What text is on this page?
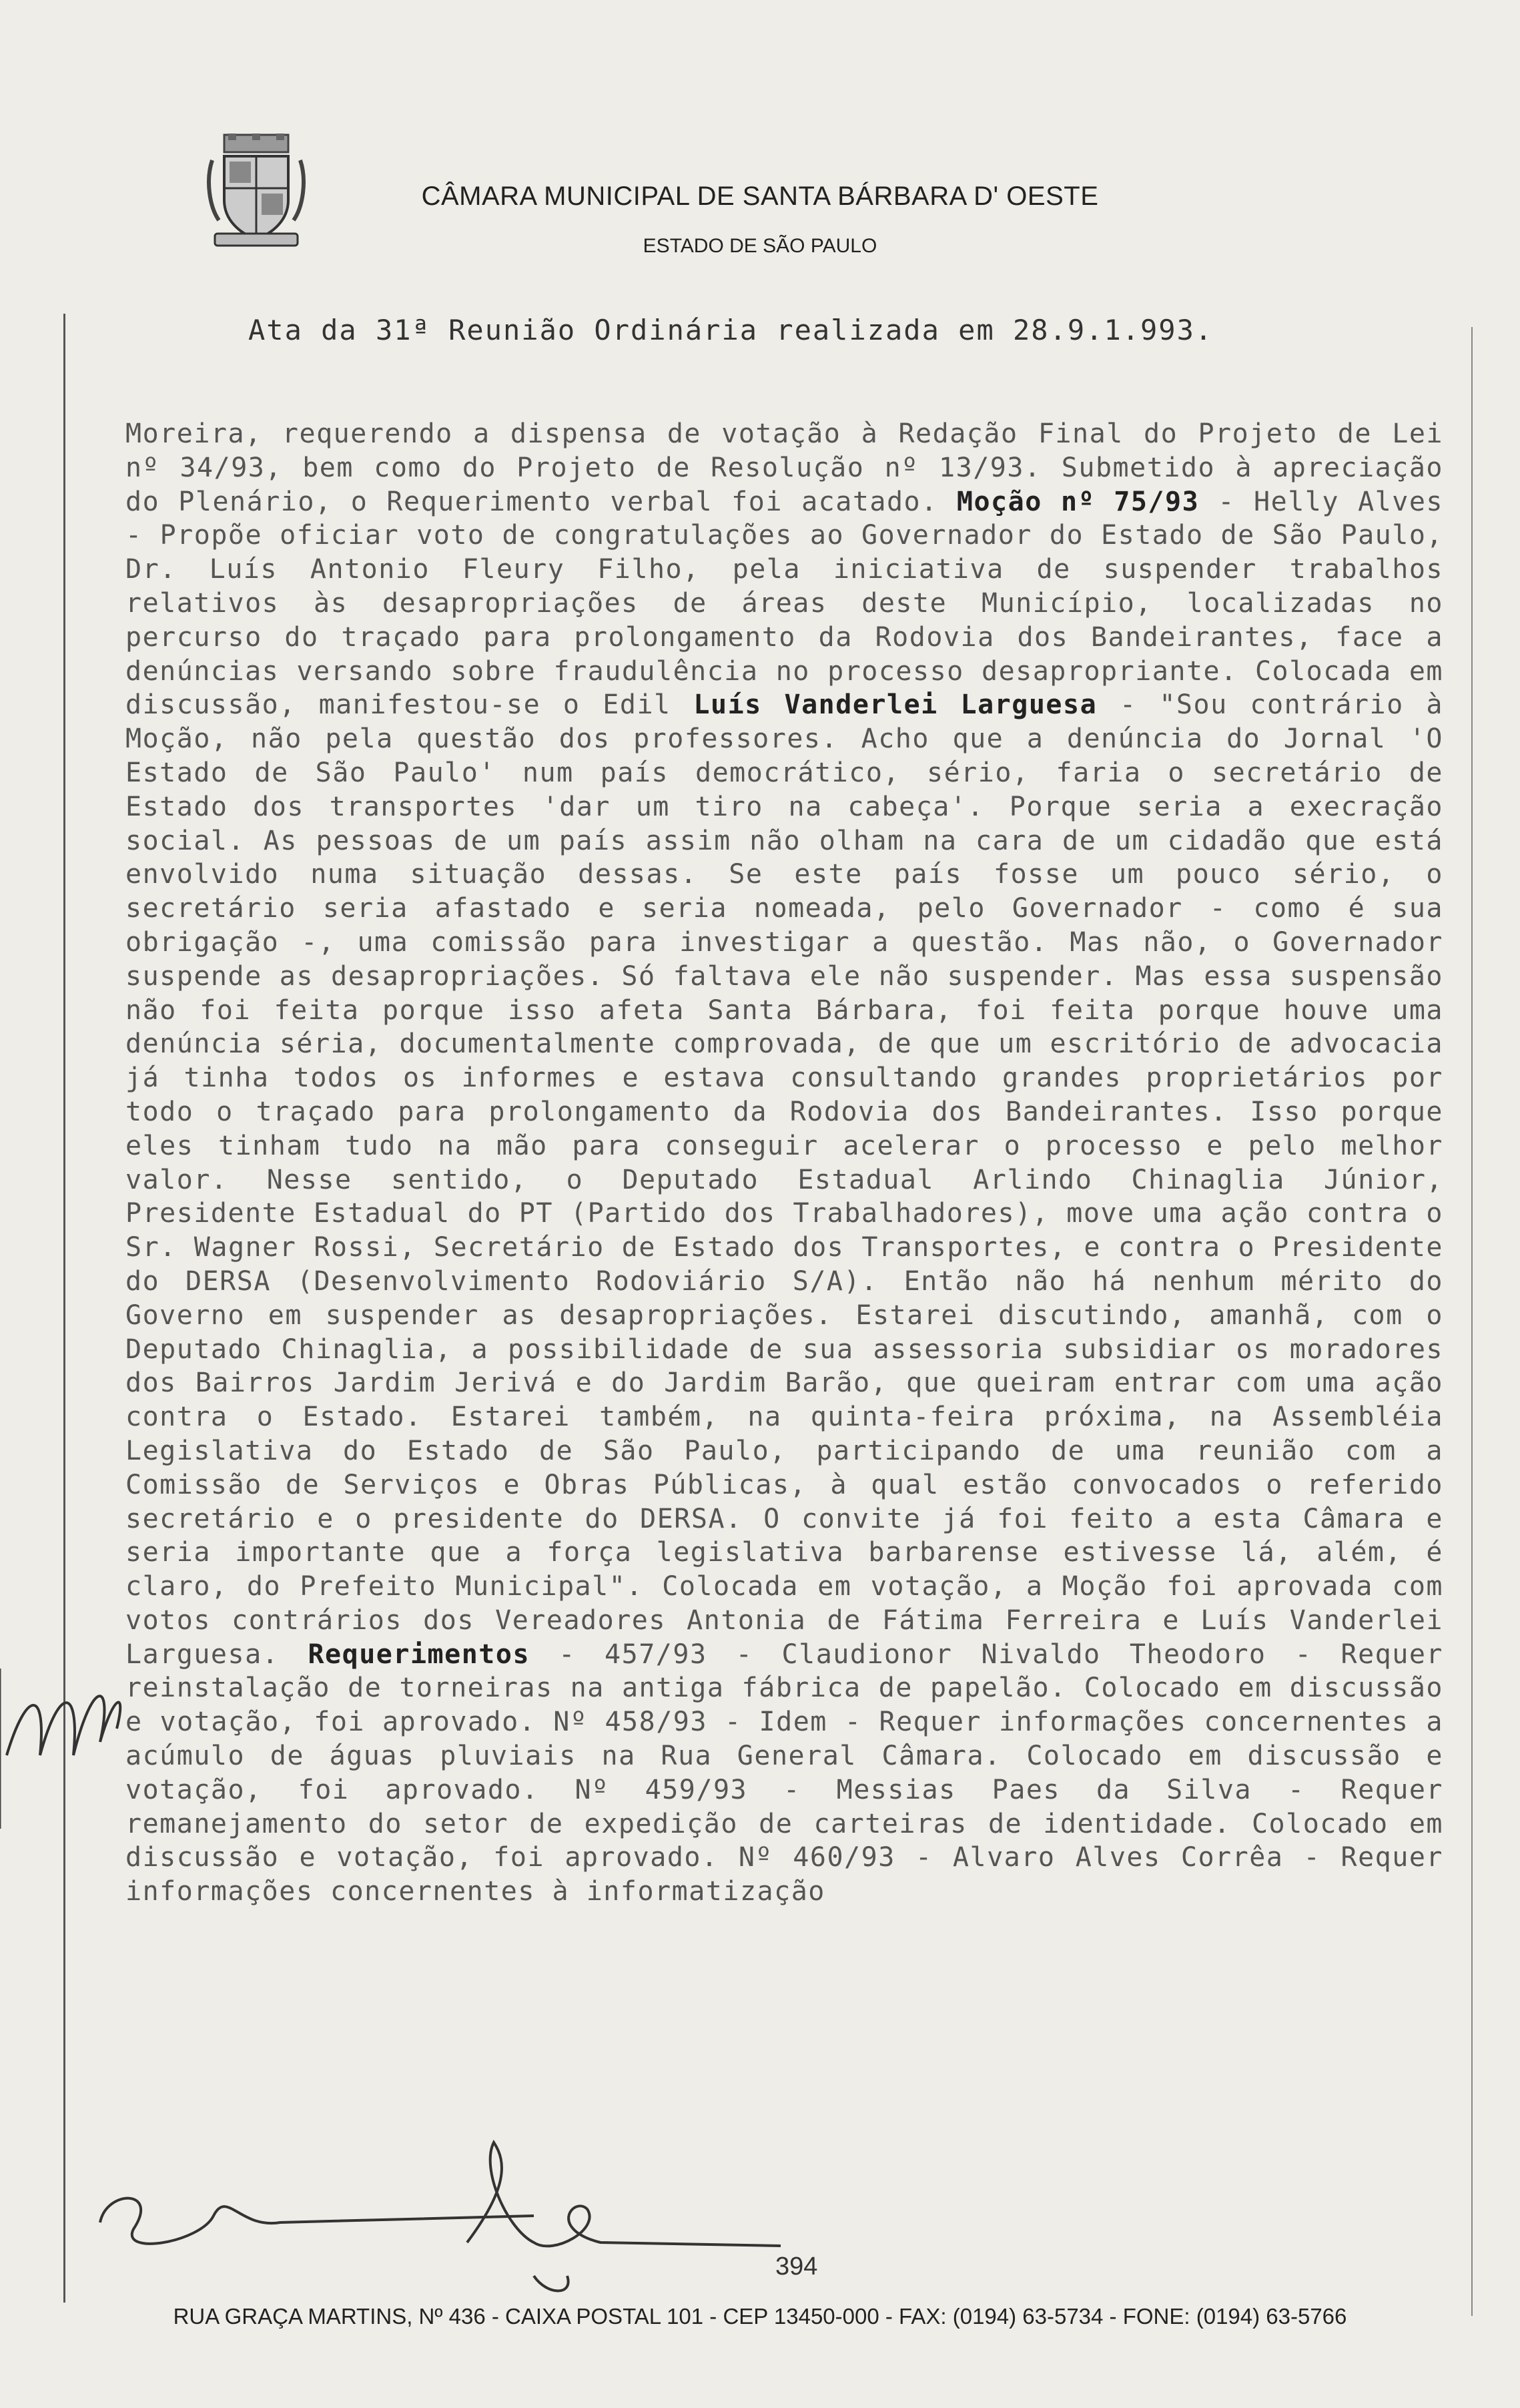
CÂMARA MUNICIPAL DE SANTA BÁRBARA D' OESTE
ESTADO DE SÃO PAULO
Ata da 31ª Reunião Ordinária realizada em 28.9.1.993.
Moreira, requerendo a dispensa de votação à Redação Final do Projeto de Lei nº 34/93, bem como do Projeto de Resolução nº 13/93. Submetido à apreciação do Plenário, o Requerimento verbal foi acatado. Moção nº 75/93 - Helly Alves - Propõe oficiar voto de congratulações ao Governador do Estado de São Paulo, Dr. Luís Antonio Fleury Filho, pela iniciativa de suspender trabalhos relativos às desapropriações de áreas deste Município, localizadas no percurso do traçado para prolongamento da Rodovia dos Bandeirantes, face a denúncias versando sobre fraudulência no processo desapropriante. Colocada em discussão, manifestou-se o Edil Luís Vanderlei Larguesa - "Sou contrário à Moção, não pela questão dos professores. Acho que a denúncia do Jornal 'O Estado de São Paulo' num país democrático, sério, faria o secretário de Estado dos transportes 'dar um tiro na cabeça'. Porque seria a execração social. As pessoas de um país assim não olham na cara de um cidadão que está envolvido numa situação dessas. Se este país fosse um pouco sério, o secretário seria afastado e seria nomeada, pelo Governador - como é sua obrigação -, uma comissão para investigar a questão. Mas não, o Governador suspende as desapropriações. Só faltava ele não suspender. Mas essa suspensão não foi feita porque isso afeta Santa Bárbara, foi feita porque houve uma denúncia séria, documentalmente comprovada, de que um escritório de advocacia já tinha todos os informes e estava consultando grandes proprietários por todo o traçado para prolongamento da Rodovia dos Bandeirantes. Isso porque eles tinham tudo na mão para conseguir acelerar o processo e pelo melhor valor. Nesse sentido, o Deputado Estadual Arlindo Chinaglia Júnior, Presidente Estadual do PT (Partido dos Trabalhadores), move uma ação contra o Sr. Wagner Rossi, Secretário de Estado dos Transportes, e contra o Presidente do DERSA (Desenvolvimento Rodoviário S/A). Então não há nenhum mérito do Governo em suspender as desapropriações. Estarei discutindo, amanhã, com o Deputado Chinaglia, a possibilidade de sua assessoria subsidiar os moradores dos Bairros Jardim Jerivá e do Jardim Barão, que queiram entrar com uma ação contra o Estado. Estarei também, na quinta-feira próxima, na Assembléia Legislativa do Estado de São Paulo, participando de uma reunião com a Comissão de Serviços e Obras Públicas, à qual estão convocados o referido secretário e o presidente do DERSA. O convite já foi feito a esta Câmara e seria importante que a força legislativa barbarense estivesse lá, além, é claro, do Prefeito Municipal". Colocada em votação, a Moção foi aprovada com votos contrários dos Vereadores Antonia de Fátima Ferreira e Luís Vanderlei Larguesa. Requerimentos - 457/93 - Claudionor Nivaldo Theodoro - Requer reinstalação de torneiras na antiga fábrica de papelão. Colocado em discussão e votação, foi aprovado. Nº 458/93 - Idem - Requer informações concernentes a acúmulo de águas pluviais na Rua General Câmara. Colocado em discussão e votação, foi aprovado. Nº 459/93 - Messias Paes da Silva - Requer remanejamento do setor de expedição de carteiras de identidade. Colocado em discussão e votação, foi aprovado. Nº 460/93 - Alvaro Alves Corrêa - Requer informações concernentes à informatização
394
RUA GRAÇA MARTINS, Nº 436 - CAIXA POSTAL 101 - CEP 13450-000 - FAX: (0194) 63-5734 - FONE: (0194) 63-5766
